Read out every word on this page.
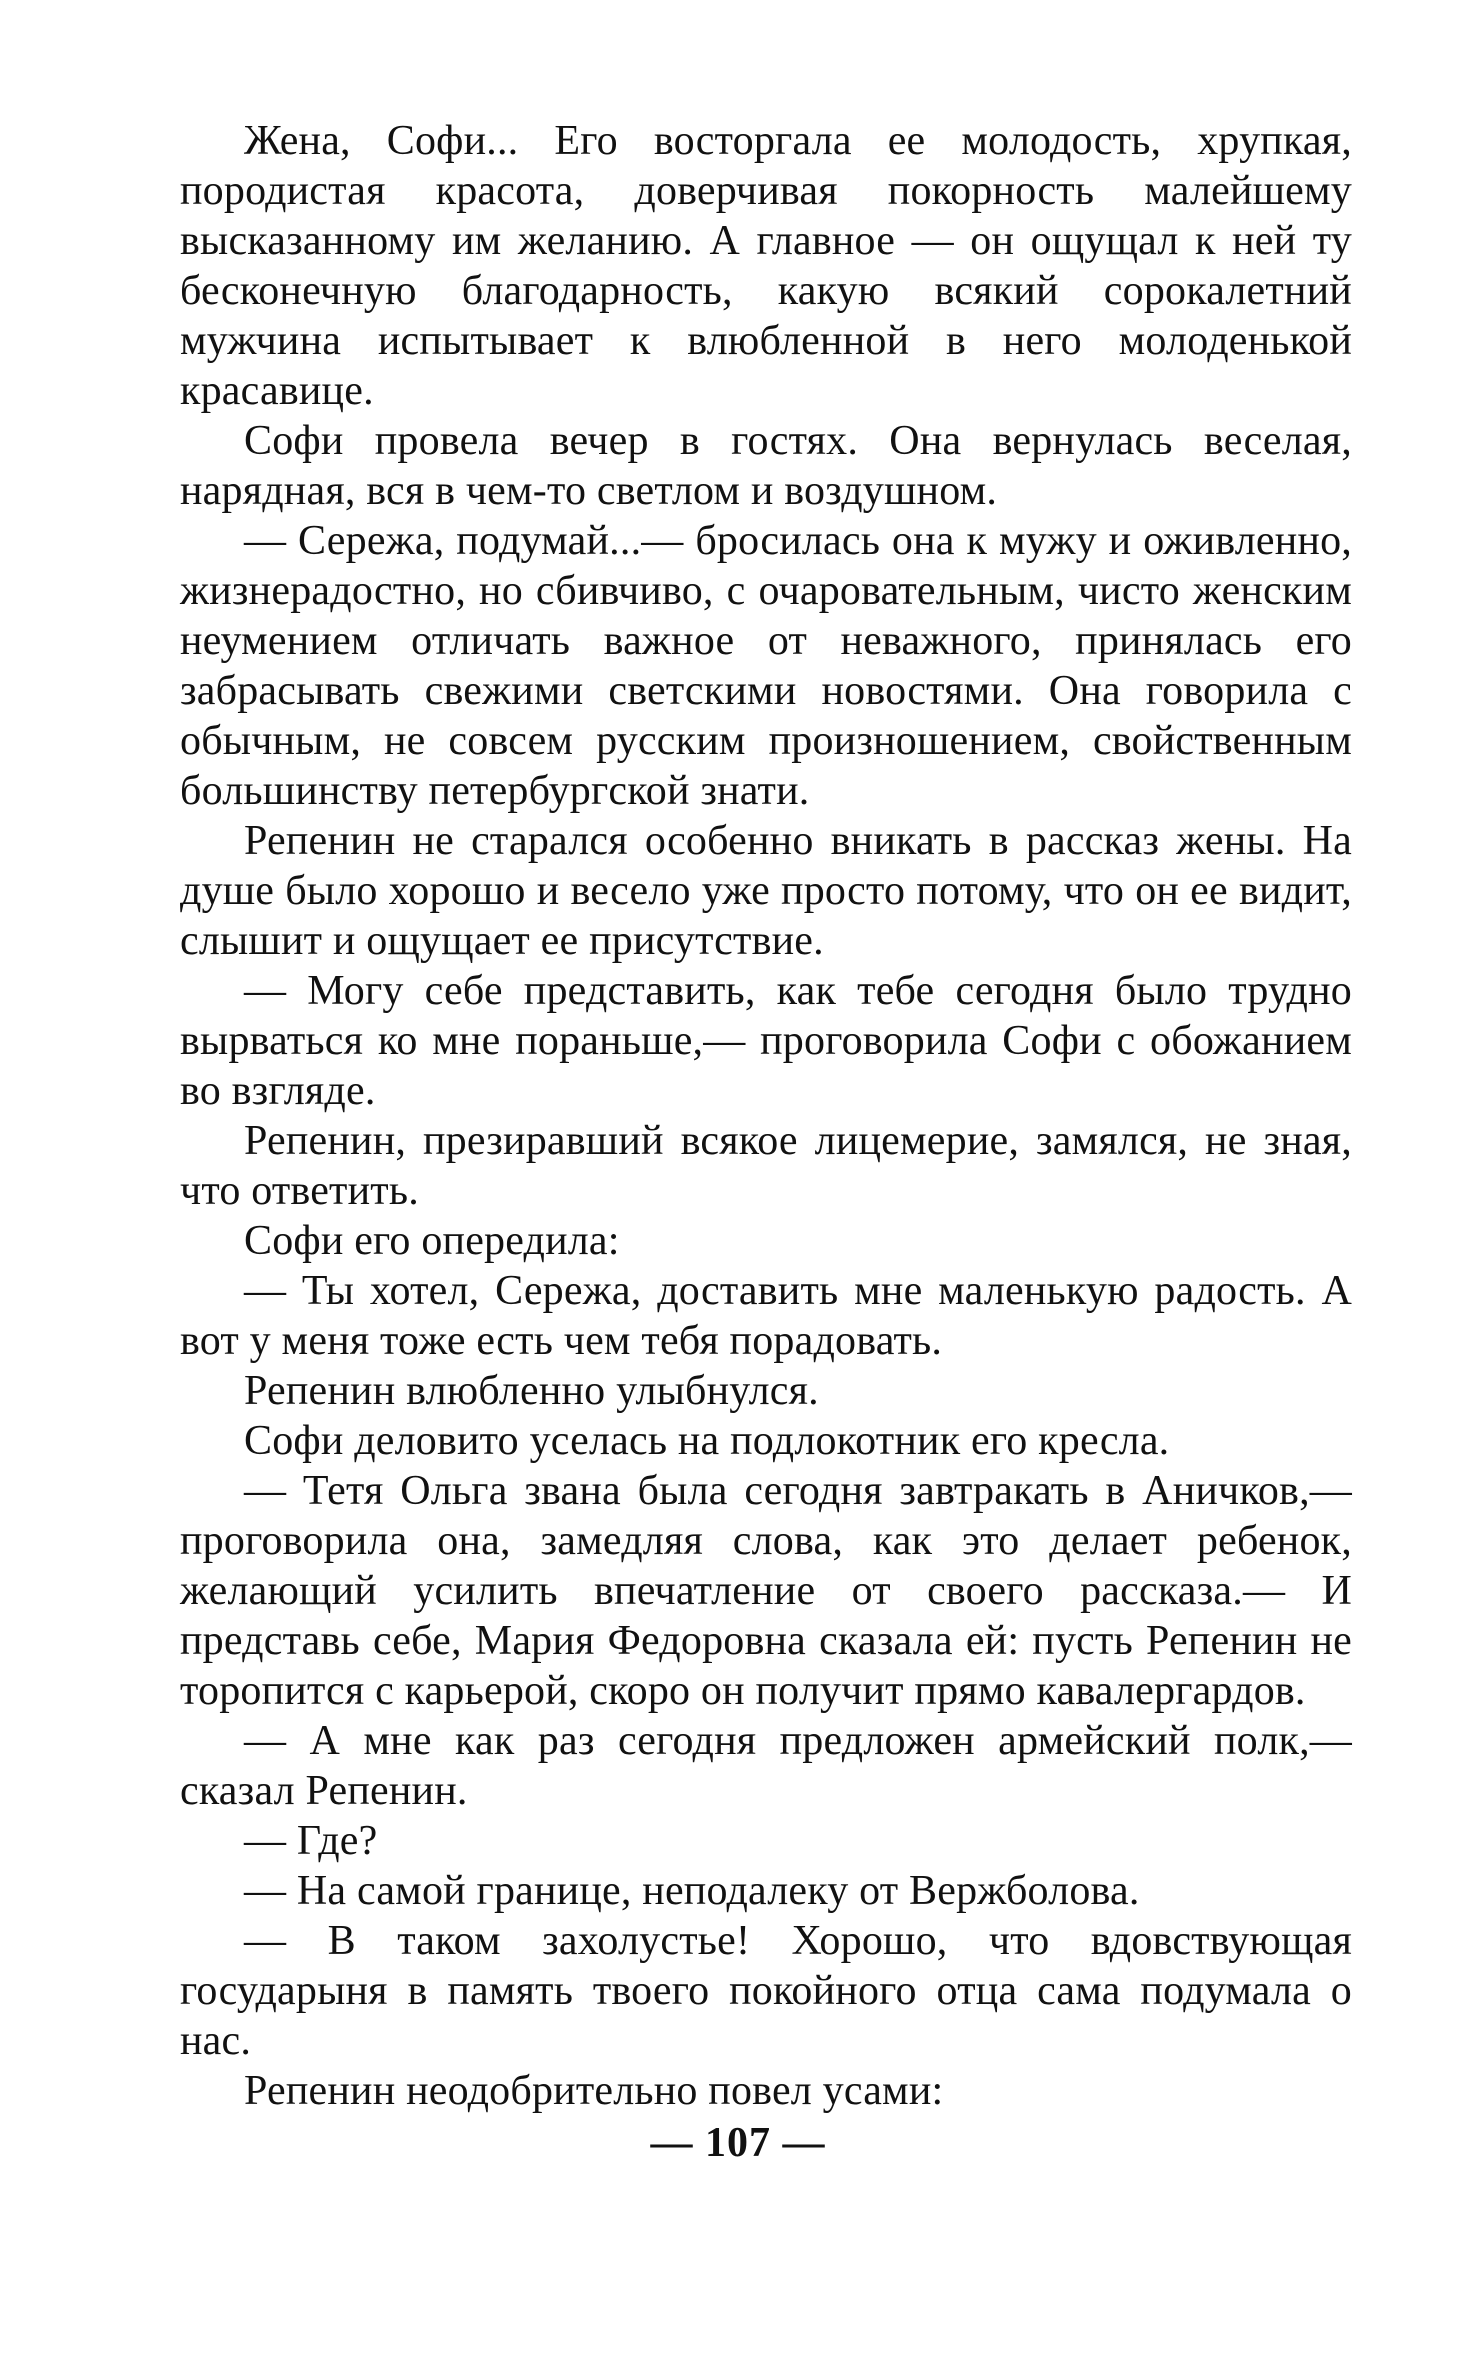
Жена, Софи... Его восторгала ее молодость, хрупкая, породистая красота, доверчивая покорность малейшему высказанному им желанию. А главное — он ощущал к ней ту бесконечную благодарность, какую всякий сорокалетний мужчина испытывает к влюбленной в него молоденькой красавице.

Софи провела вечер в гостях. Она вернулась веселая, нарядная, вся в чем-то светлом и воздушном.

— Сережа, подумай...— бросилась она к мужу и оживленно, жизнерадостно, но сбивчиво, с очаровательным, чисто женским неумением отличать важное от неважного, принялась его забрасывать свежими светскими новостями. Она говорила с обычным, не совсем русским произношением, свойственным большинству петербургской знати.

Репенин не старался особенно вникать в рассказ жены. На душе было хорошо и весело уже просто потому, что он ее видит, слышит и ощущает ее присутствие.

— Могу себе представить, как тебе сегодня было трудно вырваться ко мне пораньше,— проговорила Софи с обожанием во взгляде.

Репенин, презиравший всякое лицемерие, замялся, не зная, что ответить.

Софи его опередила:

— Ты хотел, Сережа, доставить мне маленькую радость. А вот у меня тоже есть чем тебя порадовать.

Репенин влюбленно улыбнулся.

Софи деловито уселась на подлокотник его кресла.

— Тетя Ольга звана была сегодня завтракать в Аничков,— проговорила она, замедляя слова, как это делает ребенок, желающий усилить впечатление от своего рассказа.— И представь себе, Мария Федоровна сказала ей: пусть Репенин не торопится с карьерой, скоро он получит прямо кавалергардов.

— А мне как раз сегодня предложен армейский полк,— сказал Репенин.

— Где?

— На самой границе, неподалеку от Вержболова.

— В таком захолустье! Хорошо, что вдовствующая государыня в память твоего покойного отца сама подумала о нас.

Репенин неодобрительно повел усами:

— 107 —
